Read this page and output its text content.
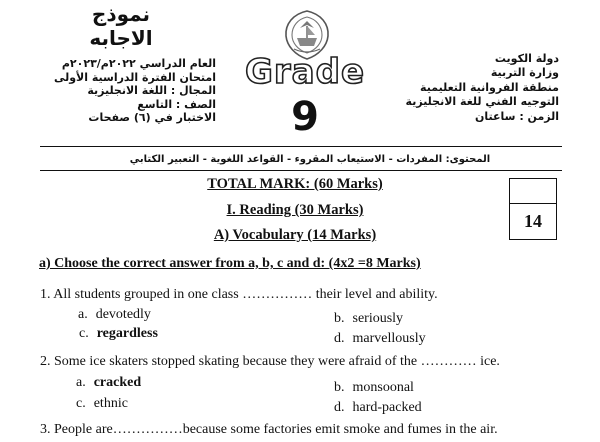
نموذج الاجابه
العام الدراسي ٢٠٢٢م/٢٠٢٣م
امتحان الفترة الدراسية الأولى
المجال : اللغة الانجليزية
الصف : التاسع
الاختبار في (٦) صفحات
Grade
9
دولة الكويت
وزارة التربية
منطقة الفروانية التعليمية
التوجيه الفني للغة الانجليزية
الزمن : ساعتان
المحتوى: المفردات - الاستيعاب المقروء - القواعد اللغوية - التعبير الكتابي
TOTAL MARK: (60 Marks)
I. Reading (30 Marks)
A) Vocabulary (14 Marks)
14
a) Choose the correct answer from a, b, c and d: (4x2 =8 Marks)
1. All students grouped in one class …………… their level and ability.
a. devotedly	b. seriously
c. regardless	d. marvellously
2. Some ice skaters stopped skating because they were afraid of the ………… ice.
a. cracked	b. monsoonal
c. ethnic	d. hard-packed
3. People are……………because some factories emit smoke and fumes in the air.
